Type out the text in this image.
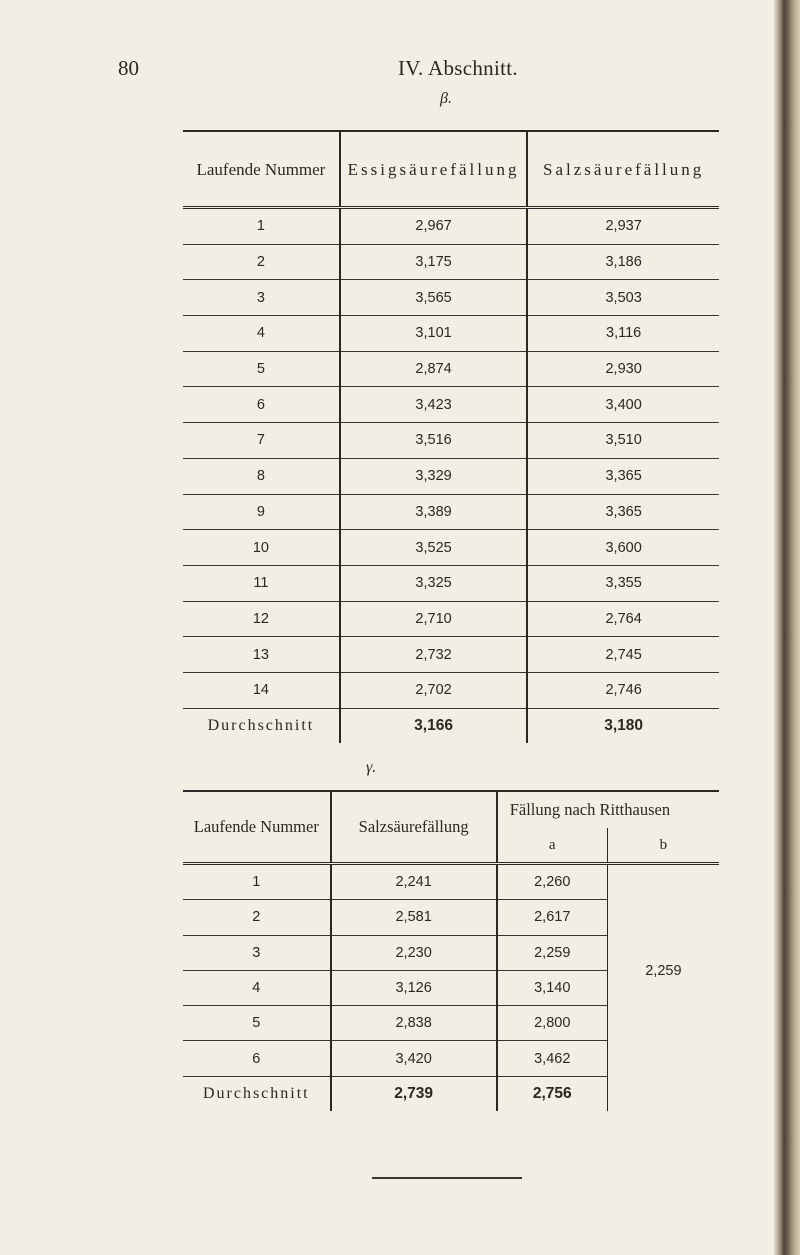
80	IV. Abschnitt.
β.
Laufende Nummer	Essigsäurefällung	Salzsäurefällung
1	2,967	2,937
2	3,175	3,186
3	3,565	3,503
4	3,101	3,116
5	2,874	2,930
6	3,423	3,400
7	3,516	3,510
8	3,329	3,365
9	3,389	3,365
10	3,525	3,600
11	3,325	3,355
12	2,710	2,764
13	2,732	2,745
14	2,702	2,746
Durchschnitt	3,166	3,180
γ.
Laufende Nummer	Salzsäurefällung	Fällung nach Ritthausen	
		a	b
1	2,241	2,260	2,259
2	2,581	2,617	
3	2,230	2,259	
4	3,126	3,140	
5	2,838	2,800	
6	3,420	3,462	
Durchschnitt	2,739	2,756	
